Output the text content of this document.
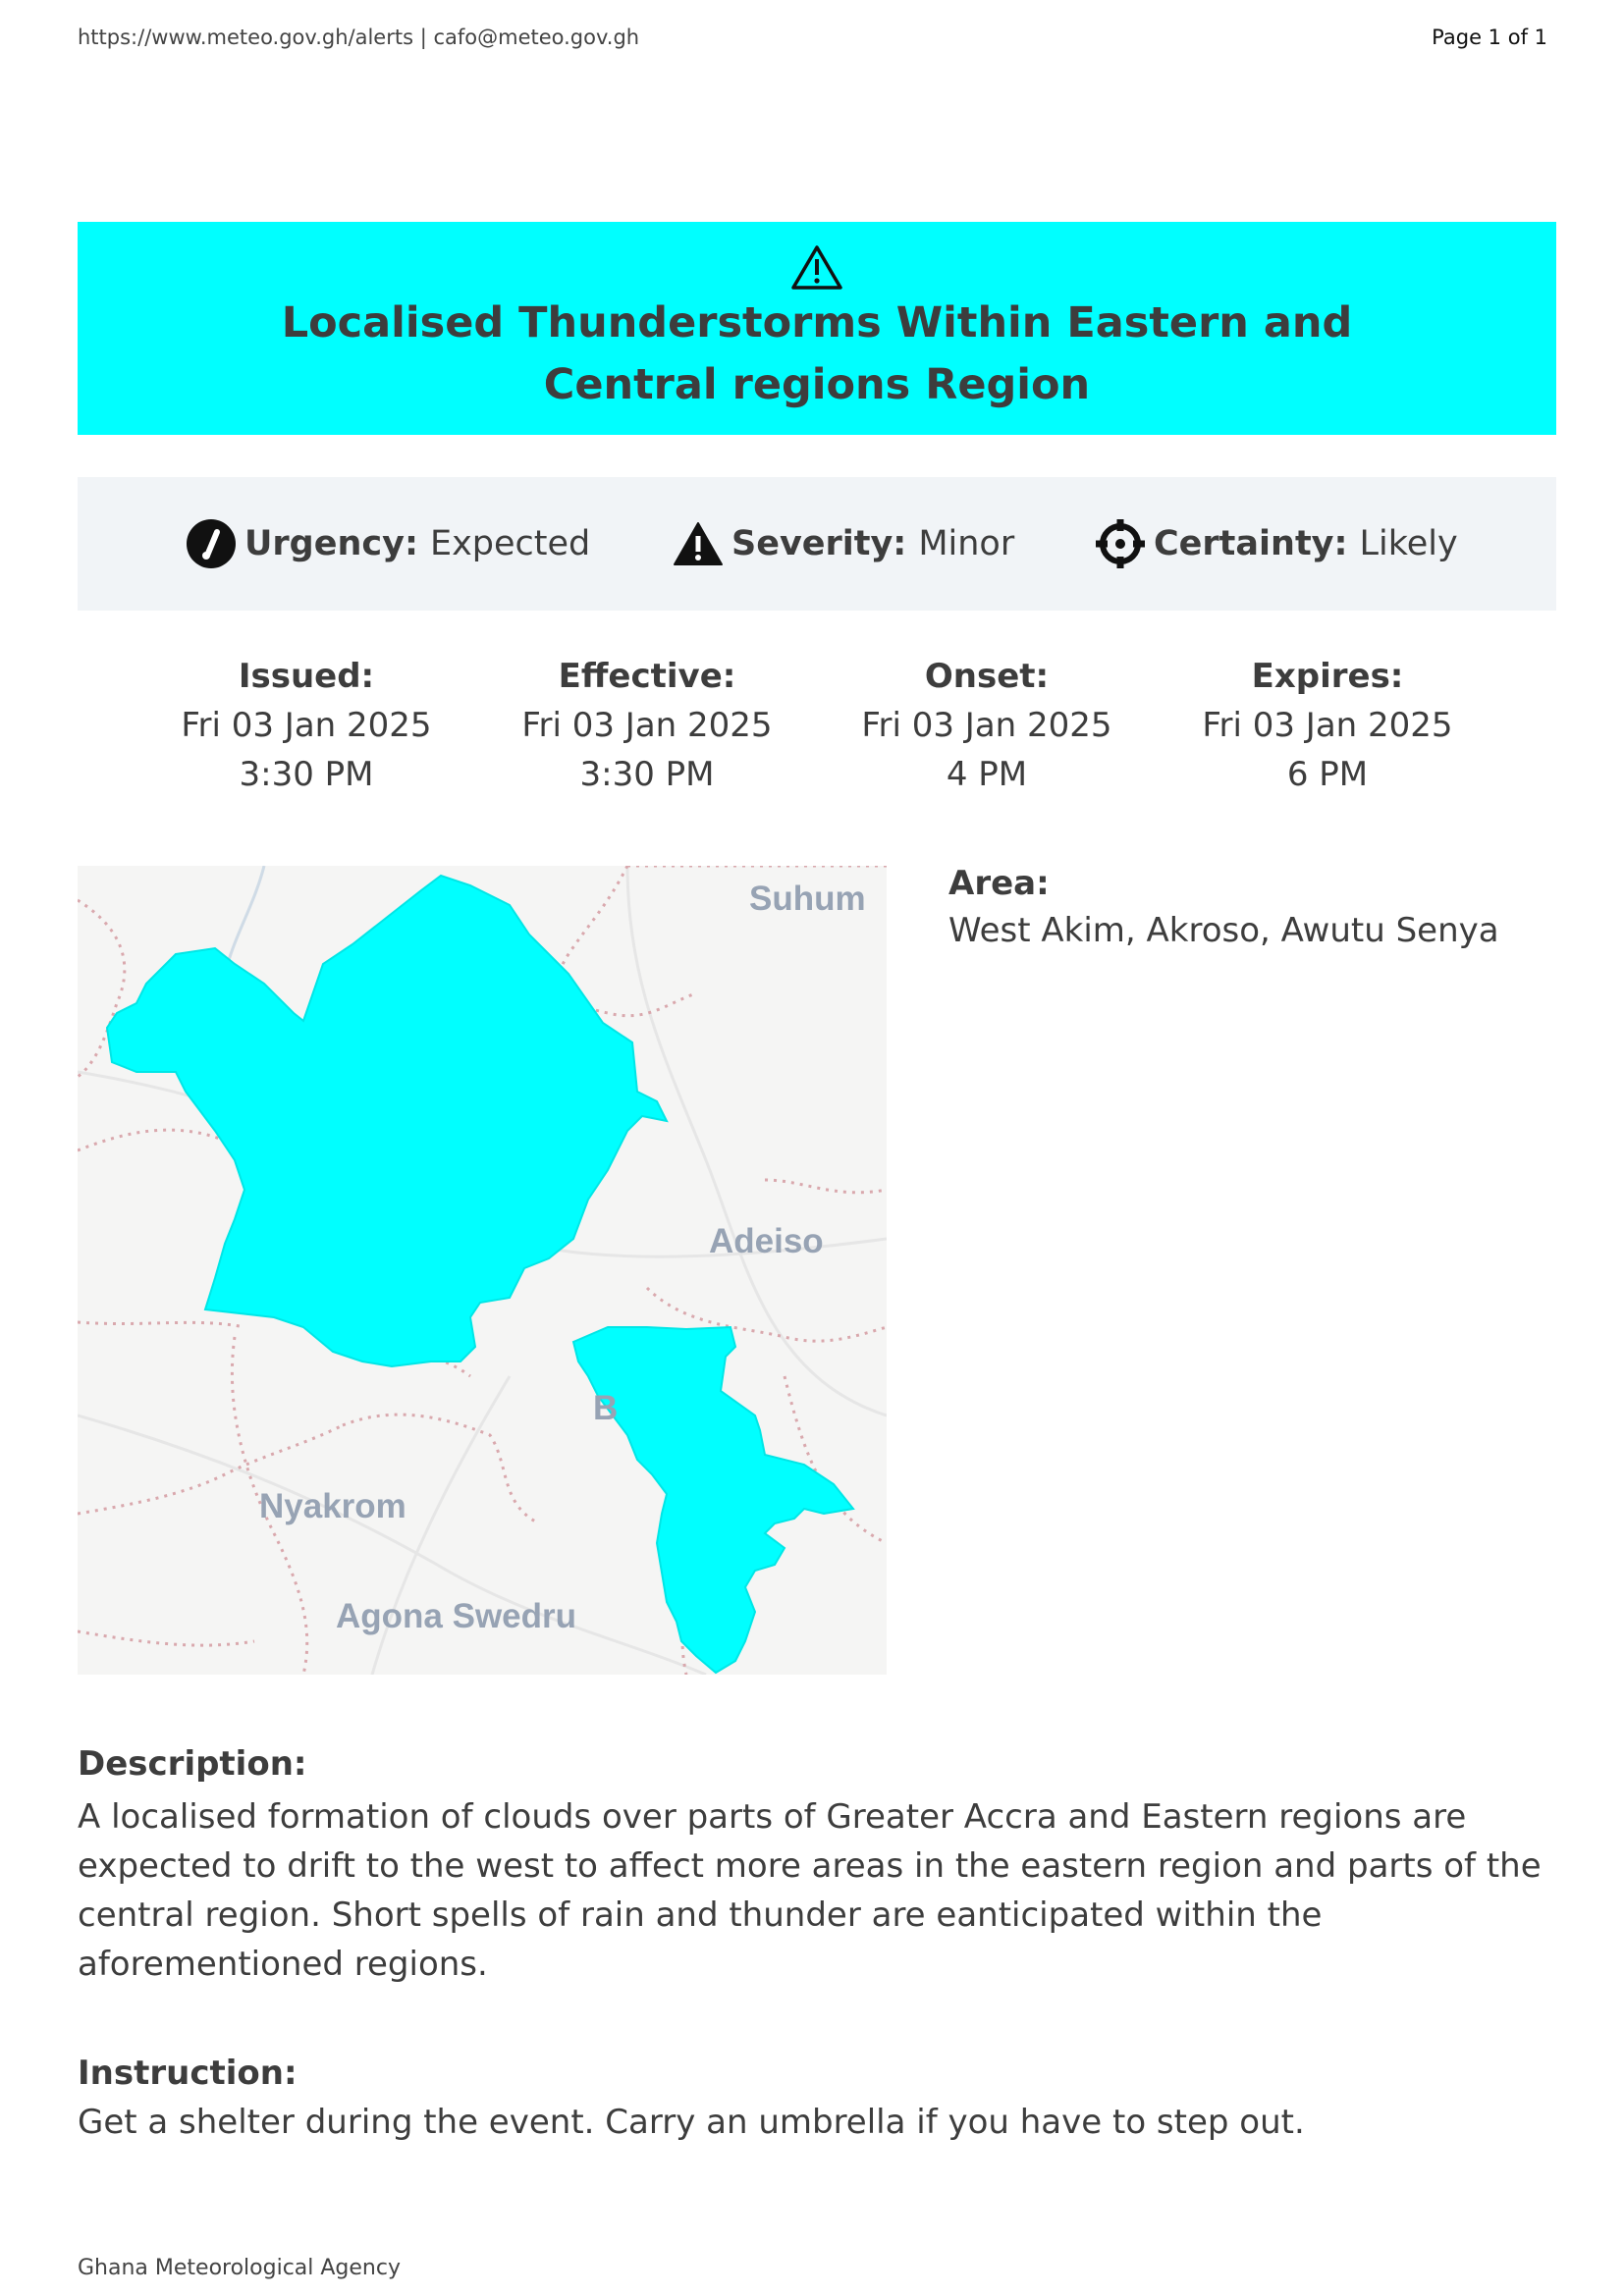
https://www.meteo.gov.gh/alerts | cafo@meteo.gov.gh	Page 1 of 1
Localised Thunderstorms Within Eastern and Central regions Region
Urgency: Expected	Severity: Minor	Certainty: Likely
Issued:
Fri 03 Jan 2025
3:30 PM
Effective:
Fri 03 Jan 2025
3:30 PM
Onset:
Fri 03 Jan 2025
4 PM
Expires:
Fri 03 Jan 2025
6 PM
Suhum
Adeiso
B
Nyakrom
Agona Swedru
Area:
West Akim, Akroso, Awutu Senya
Description:

A localised formation of clouds over parts of Greater Accra and Eastern regions are expected to drift to the west to affect more areas in the eastern region and parts of the central region. Short spells of rain and thunder are eanticipated within the aforementioned regions.

Instruction:
Get a shelter during the event. Carry an umbrella if you have to step out.
Ghana Meteorological Agency
